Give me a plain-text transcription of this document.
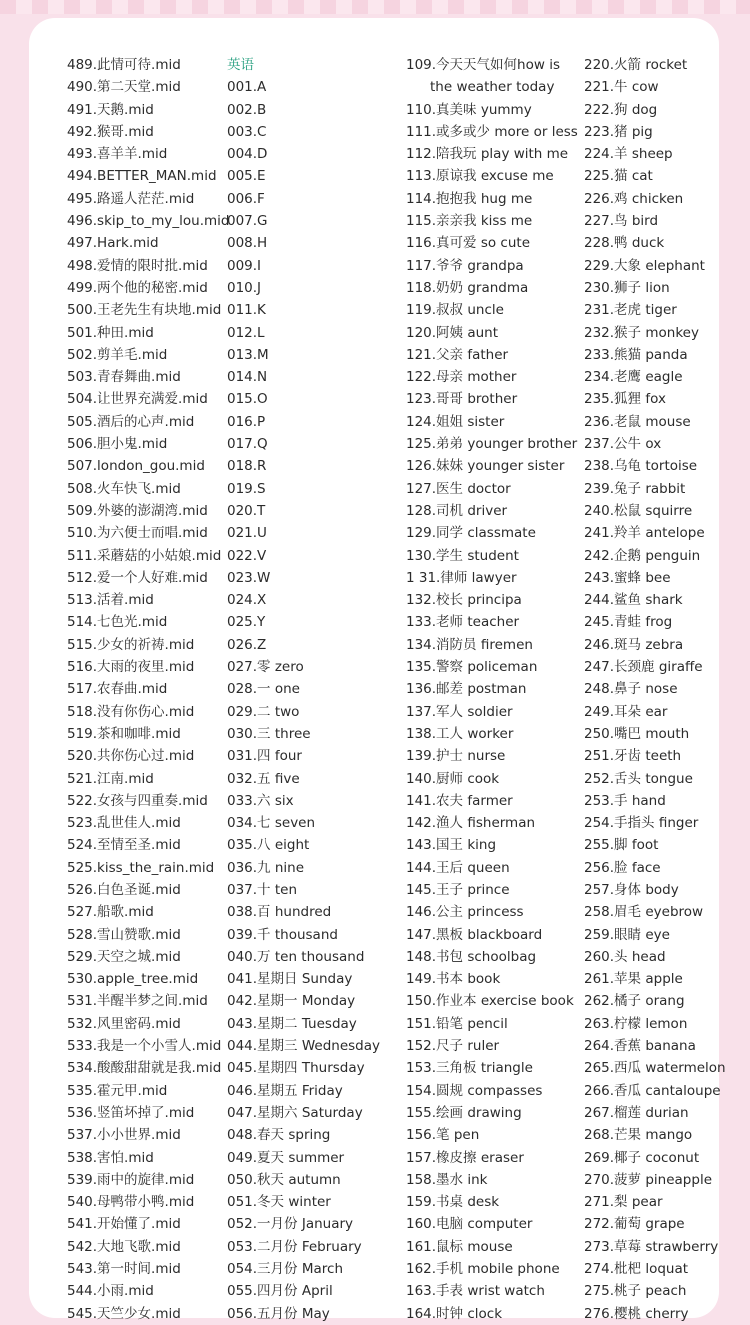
489.此情可待.mid
490.第二天堂.mid
491.天鹅.mid
492.猴哥.mid
493.喜羊羊.mid
494.BETTER_MAN.mid
495.路遥人茫茫.mid
496.skip_to_my_lou.mid
497.Hark.mid
498.爱情的限时批.mid
499.两个他的秘密.mid
500.王老先生有块地.mid
501.种田.mid
502.剪羊毛.mid
503.青春舞曲.mid
504.让世界充满爱.mid
505.酒后的心声.mid
506.胆小鬼.mid
507.london_gou.mid
508.火车快飞.mid
509.外婆的澎湖湾.mid
510.为六便士而唱.mid
511.采蘑菇的小姑娘.mid
512.爱一个人好难.mid
513.活着.mid
514.七色光.mid
515.少女的祈祷.mid
516.大雨的夜里.mid
517.农春曲.mid
518.没有你伤心.mid
519.茶和咖啡.mid
520.共你伤心过.mid
521.江南.mid
522.女孩与四重奏.mid
523.乱世佳人.mid
524.至情至圣.mid
525.kiss_the_rain.mid
526.白色圣诞.mid
527.船歌.mid
528.雪山赞歌.mid
529.天空之城.mid
530.apple_tree.mid
531.半醒半梦之间.mid
532.风里密码.mid
533.我是一个小雪人.mid
534.酸酸甜甜就是我.mid
535.霍元甲.mid
536.竖笛坏掉了.mid
537.小小世界.mid
538.害怕.mid
539.雨中的旋律.mid
540.母鸭带小鸭.mid
541.开始懂了.mid
542.大地飞歌.mid
543.第一时间.mid
544.小雨.mid
545.天竺少女.mid
英语
001.A
002.B
003.C
004.D
005.E
006.F
007.G
008.H
009.I
010.J
011.K
012.L
013.M
014.N
015.O
016.P
017.Q
018.R
019.S
020.T
021.U
022.V
023.W
024.X
025.Y
026.Z
027.零 zero
028.一 one
029.二 two
030.三 three
031.四 four
032.五 five
033.六 six
034.七 seven
035.八 eight
036.九 nine
037.十 ten
038.百 hundred
039.千 thousand
040.万 ten thousand
041.星期日 Sunday
042.星期一 Monday
043.星期二 Tuesday
044.星期三 Wednesday
045.星期四 Thursday
046.星期五 Friday
047.星期六 Saturday
048.春天 spring
049.夏天 summer
050.秋天 autumn
051.冬天 winter
052.一月份 January
053.二月份 February
054.三月份 March
055.四月份 April
056.五月份 May
109.今天天气如何how is
the weather today
110.真美味 yummy
111.或多或少 more or less
112.陪我玩 play with me
113.原谅我 excuse me
114.抱抱我 hug me
115.亲亲我 kiss me
116.真可爱 so cute
117.爷爷 grandpa
118.奶奶 grandma
119.叔叔 uncle
120.阿姨 aunt
121.父亲 father
122.母亲 mother
123.哥哥 brother
124.姐姐 sister
125.弟弟 younger brother
126.妹妹 younger sister
127.医生 doctor
128.司机 driver
129.同学 classmate
130.学生 student
1 31.律师 lawyer
132.校长 principa
133.老师 teacher
134.消防员 firemen
135.警察 policeman
136.邮差 postman
137.军人 soldier
138.工人 worker
139.护士 nurse
140.厨师 cook
141.农夫 farmer
142.渔人 fisherman
143.国王 king
144.王后 queen
145.王子 prince
146.公主 princess
147.黑板 blackboard
148.书包 schoolbag
149.书本 book
150.作业本 exercise book
151.铅笔 pencil
152.尺子 ruler
153.三角板 triangle
154.圆规 compasses
155.绘画 drawing
156.笔 pen
157.橡皮擦 eraser
158.墨水 ink
159.书桌 desk
160.电脑 computer
161.鼠标 mouse
162.手机 mobile phone
163.手表 wrist watch
164.时钟 clock
220.火箭 rocket
221.牛 cow
222.狗 dog
223.猪 pig
224.羊 sheep
225.猫 cat
226.鸡 chicken
227.鸟 bird
228.鸭 duck
229.大象 elephant
230.狮子 lion
231.老虎 tiger
232.猴子 monkey
233.熊猫 panda
234.老鹰 eagle
235.狐狸 fox
236.老鼠 mouse
237.公牛 ox
238.乌龟 tortoise
239.兔子 rabbit
240.松鼠 squirre
241.羚羊 antelope
242.企鹅 penguin
243.蜜蜂 bee
244.鲨鱼 shark
245.青蛙 frog
246.斑马 zebra
247.长颈鹿 giraffe
248.鼻子 nose
249.耳朵 ear
250.嘴巴 mouth
251.牙齿 teeth
252.舌头 tongue
253.手 hand
254.手指头 finger
255.脚 foot
256.脸 face
257.身体 body
258.眉毛 eyebrow
259.眼睛 eye
260.头 head
261.苹果 apple
262.橘子 orang
263.柠檬 lemon
264.香蕉 banana
265.西瓜 watermelon
266.香瓜 cantaloupe
267.榴莲 durian
268.芒果 mango
269.椰子 coconut
270.菠萝 pineapple
271.梨 pear
272.葡萄 grape
273.草莓 strawberry
274.枇杷 loquat
275.桃子 peach
276.樱桃 cherry
